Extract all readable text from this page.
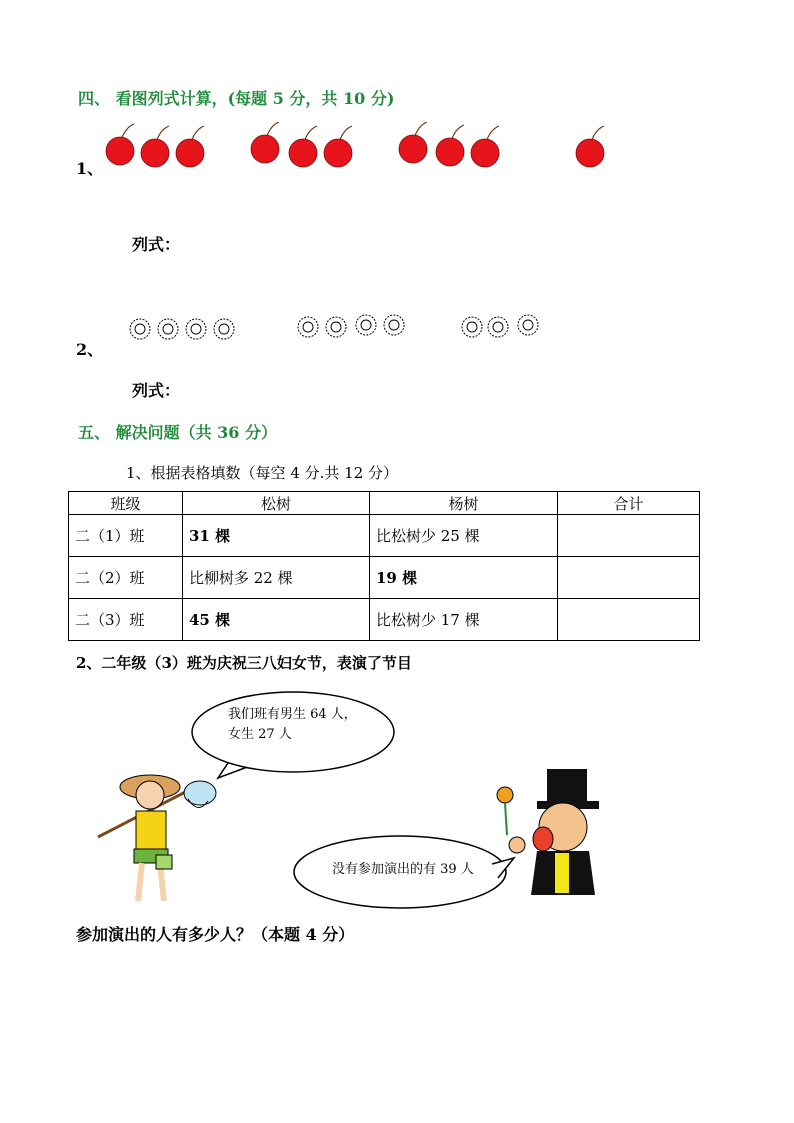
四、 看图列式计算，(每题 5 分，共 10 分)
1、
列式：
2、
列式：
五、 解决问题（共 36 分）
1、根据表格填数（每空 4 分.共 12 分）
班级	松树	杨树	合计
二（1）班	31 棵	比松树少 25 棵	
二（2）班	比柳树多 22 棵	19 棵	
二（3）班	45 棵	比松树少 17 棵	
2、二年级（3）班为庆祝三八妇女节，表演了节目
我们班有男生 64 人，女生 27 人
没有参加演出的有 39 人
参加演出的人有多少人？（本题 4 分）
